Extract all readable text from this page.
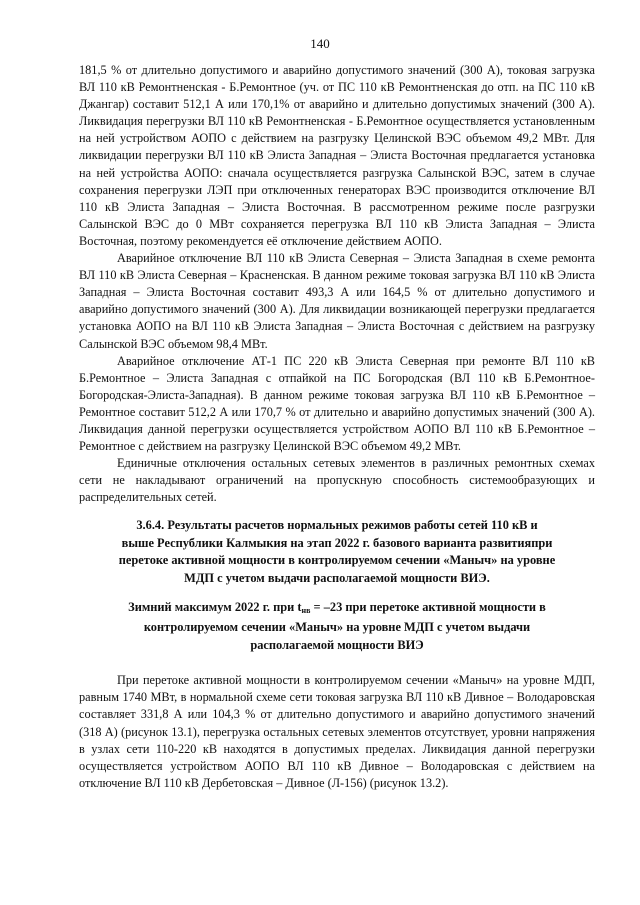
140

181,5 % от длительно допустимого и аварийно допустимого значений (300 А), токовая загрузка ВЛ 110 кВ Ремонтненская - Б.Ремонтное (уч. от ПС 110 кВ Ремонтненская до отп. на ПС 110 кВ Джангар) составит 512,1 А или 170,1% от аварийно и длительно допустимых значений (300 А). Ликвидация перегрузки ВЛ 110 кВ Ремонтненская - Б.Ремонтное осуществляется установленным на ней устройством АОПО с действием на разгрузку Целинской ВЭС объемом 49,2 МВт. Для ликвидации перегрузки ВЛ 110 кВ Элиста Западная – Элиста Восточная предлагается установка на ней устройства АОПО: сначала осуществляется разгрузка Салынской ВЭС, затем в случае сохранения перегрузки ЛЭП при отключенных генераторах ВЭС производится отключение ВЛ 110 кВ Элиста Западная – Элиста Восточная. В рассмотренном режиме после разгрузки Салынской ВЭС до 0 МВт сохраняется перегрузка ВЛ 110 кВ Элиста Западная – Элиста Восточная, поэтому рекомендуется её отключение действием АОПО.

Аварийное отключение ВЛ 110 кВ Элиста Северная – Элиста Западная в схеме ремонта ВЛ 110 кВ Элиста Северная – Красненская. В данном режиме токовая загрузка ВЛ 110 кВ Элиста Западная – Элиста Восточная составит 493,3 А или 164,5 % от длительно допустимого и аварийно допустимого значений (300 А). Для ликвидации возникающей перегрузки предлагается установка АОПО на ВЛ 110 кВ Элиста Западная – Элиста Восточная с действием на разгрузку Салынской ВЭС объемом 98,4 МВт.

Аварийное отключение АТ-1 ПС 220 кВ Элиста Северная при ремонте ВЛ 110 кВ Б.Ремонтное – Элиста Западная с отпайкой на ПС Богородская (ВЛ 110 кВ Б.Ремонтное-Богородская-Элиста-Западная). В данном режиме токовая загрузка ВЛ 110 кВ Б.Ремонтное – Ремонтное составит 512,2 А или 170,7 % от длительно и аварийно допустимых значений (300 А). Ликвидация данной перегрузки осуществляется устройством АОПО ВЛ 110 кВ Б.Ремонтное – Ремонтное с действием на разгрузку Целинской ВЭС объемом 49,2 МВт.

Единичные отключения остальных сетевых элементов в различных ремонтных схемах сети не накладывают ограничений на пропускную способность системообразующих и распределительных сетей.

3.6.4. Результаты расчетов нормальных режимов работы сетей 110 кВ и
выше Республики Калмыкия на этап 2022 г. базового варианта развитияпри
перетоке активной мощности в контролируемом сечении «Маныч» на уровне
МДП с учетом выдачи располагаемой мощности ВИЭ.
Зимний максимум 2022 г. при $t_{нв} = -23$ при перетоке активной мощности в
контролируемом сечении «Маныч» на уровне МДП с учетом выдачи
располагаемой мощности ВИЭ

При перетоке активной мощности в контролируемом сечении «Маныч» на уровне МДП, равным 1740 МВт, в нормальной схеме сети токовая загрузка ВЛ 110 кВ Дивное – Володаровская составляет 331,8 А или 104,3 % от длительно допустимого и аварийно допустимого значений (318 А) (рисунок 13.1), перегрузка остальных сетевых элементов отсутствует, уровни напряжения в узлах сети 110-220 кВ находятся в допустимых пределах. Ликвидация данной перегрузки осуществляется устройством АОПО ВЛ 110 кВ Дивное – Володаровская с действием на отключение ВЛ 110 кВ Дербетовская – Дивное (Л-156) (рисунок 13.2).
